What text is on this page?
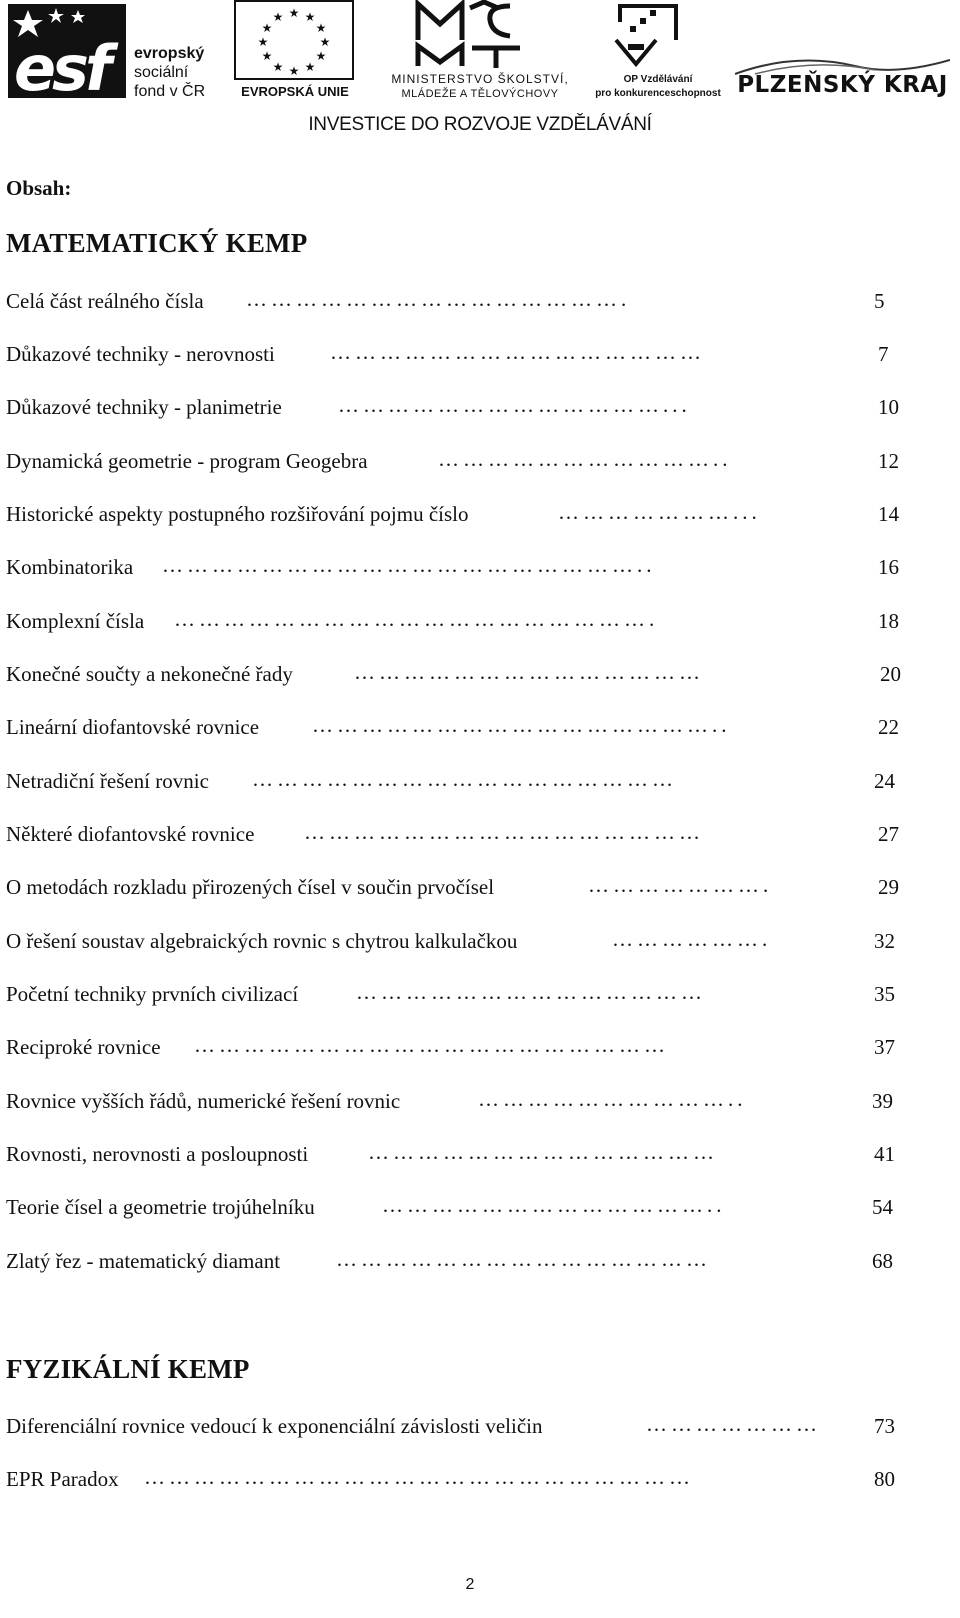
esf evropský
sociální
fond v ČR
★ ★
★
★
★
★
★
★
★
★
★
★
EVROPSKÁ UNIE
MINISTERSTVO ŠKOLSTVÍ,
MLÁDEŽE A TĚLOVÝCHOVY
OP Vzdělávání
pro konkurenceschopnost PLZEŇSKÝ KRAJ
INVESTICE DO ROZVOJE VZDĚLÁVÁNÍ
Obsah:
MATEMATICKÝ KEMP
Celá část reálného čísla ……………………………………….	5
Důkazové techniky - nerovnosti	………………………………………	7
Důkazové techniky - planimetrie	…………………………………...	10
Dynamická geometrie - program Geogebra	……………………………..	12
Historické aspekty postupného rozšiřování pojmu číslo	…………………...	14
Kombinatorika …………………………………………………..	16
Komplexní čísla ………………………………………………….	18
Konečné součty a nekonečné řady	……………………………………	20
Lineární diofantovské rovnice	…………………………………………..	22
Netradiční řešení rovnic ……………………………………………	24
Některé diofantovské rovnice …………………………………………	27
O metodách rozkladu přirozených čísel v součin prvočísel	………………….	29
O řešení soustav algebraických rovnic s chytrou kalkulačkou	……………….	32
Početní techniky prvních civilizací	……………………………………	35
Reciproké rovnice …………………………………………………	37
Rovnice vyšších řádů, numerické řešení rovnic	…………………………..	39
Rovnosti, nerovnosti a posloupnosti	……………………………………	41
Teorie čísel a geometrie trojúhelníku	…………………………………..	54
Zlatý řez - matematický diamant	………………………………………	68
FYZIKÁLNÍ KEMP
Diferenciální rovnice vedoucí k exponenciální závislosti veličin	…………………	73
EPR Paradox …………………………………………………………	80
2
